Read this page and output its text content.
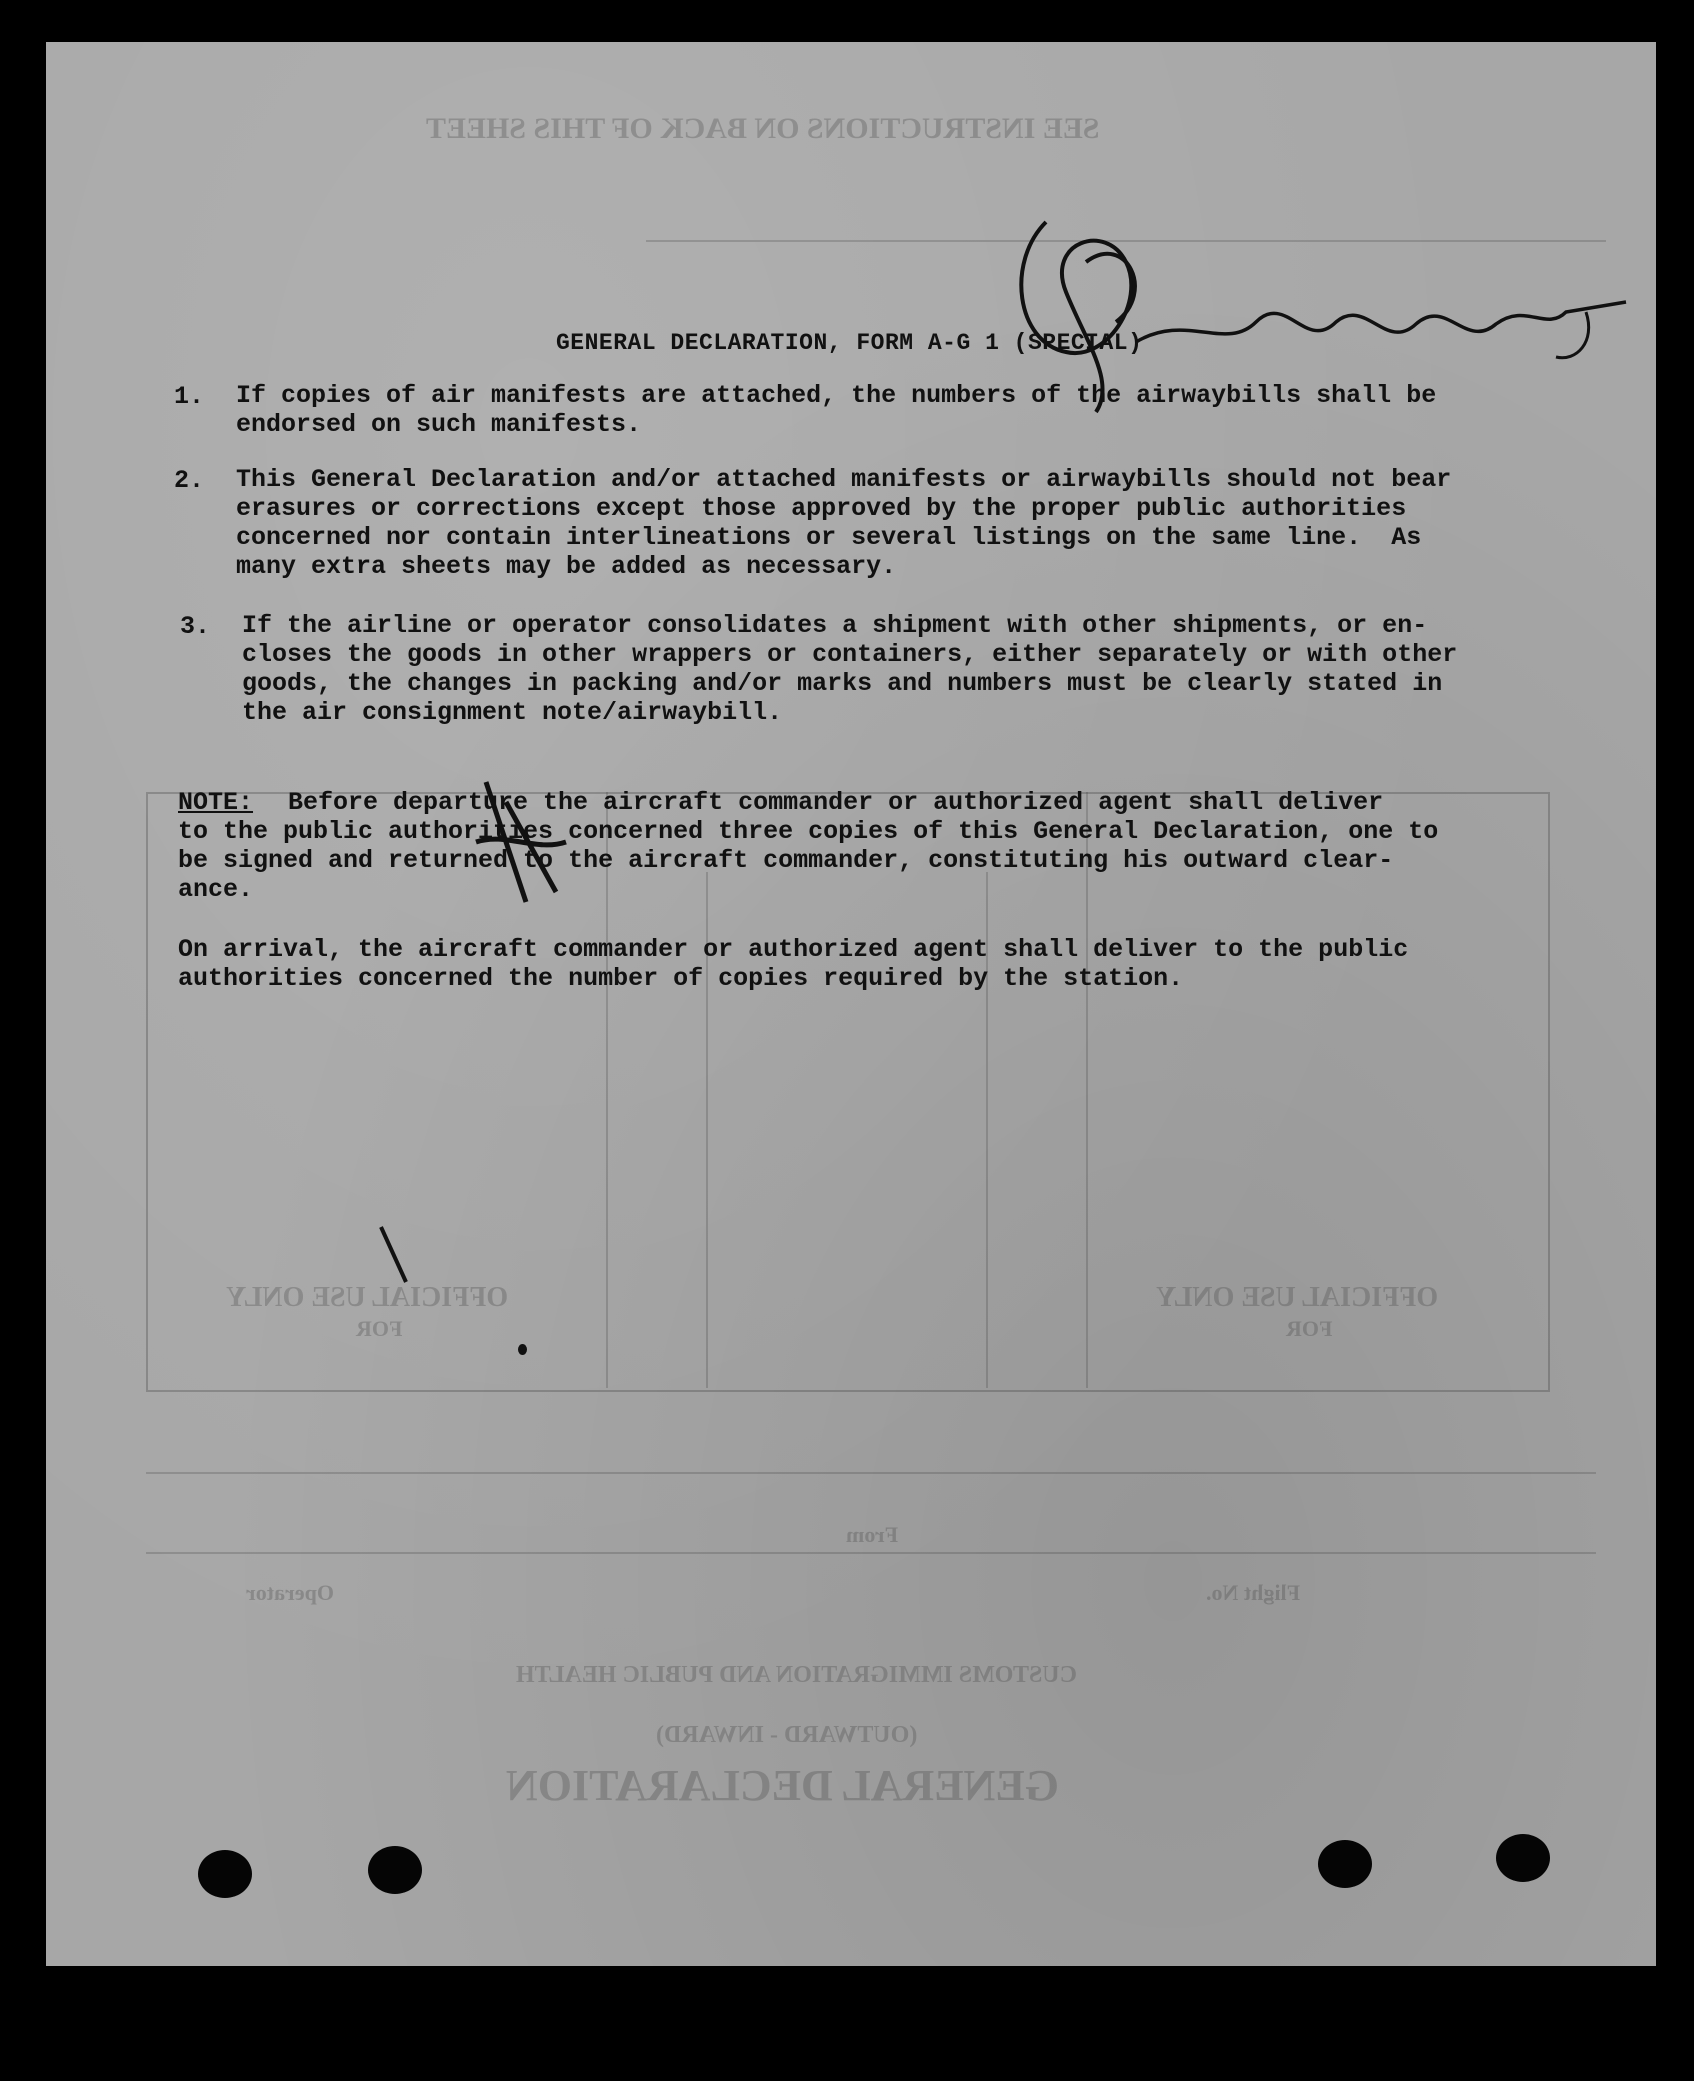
SEE INSTRUCTIONS ON BACK OF THIS SHEET
OFFICIAL USE ONLY
FOR
OFFICIAL USE ONLY
FOR
From
Operator	Flight No.
CUSTOMS IMMIGRATION AND PUBLIC HEALTH
(OUTWARD - INWARD)
GENERAL DECLARATION
GENERAL DECLARATION, FORM A-G 1 (SPECIAL)
1. If copies of air manifests are attached, the numbers of the airwaybills shall be
endorsed on such manifests.
2. This General Declaration and/or attached manifests or airwaybills should not bear
erasures or corrections except those approved by the proper public authorities
concerned nor contain interlineations or several listings on the same line.  As
many extra sheets may be added as necessary.
3. If the airline or operator consolidates a shipment with other shipments, or en-
closes the goods in other wrappers or containers, either separately or with other
goods, the changes in packing and/or marks and numbers must be clearly stated in
the air consignment note/airwaybill.
NOTE: Before departure the aircraft commander or authorized agent shall deliver
to the public authorities concerned three copies of this General Declaration, one to
be signed and returned to the aircraft commander, constituting his outward clear-
ance.
On arrival, the aircraft commander or authorized agent shall deliver to the public
authorities concerned the number of copies required by the station.
